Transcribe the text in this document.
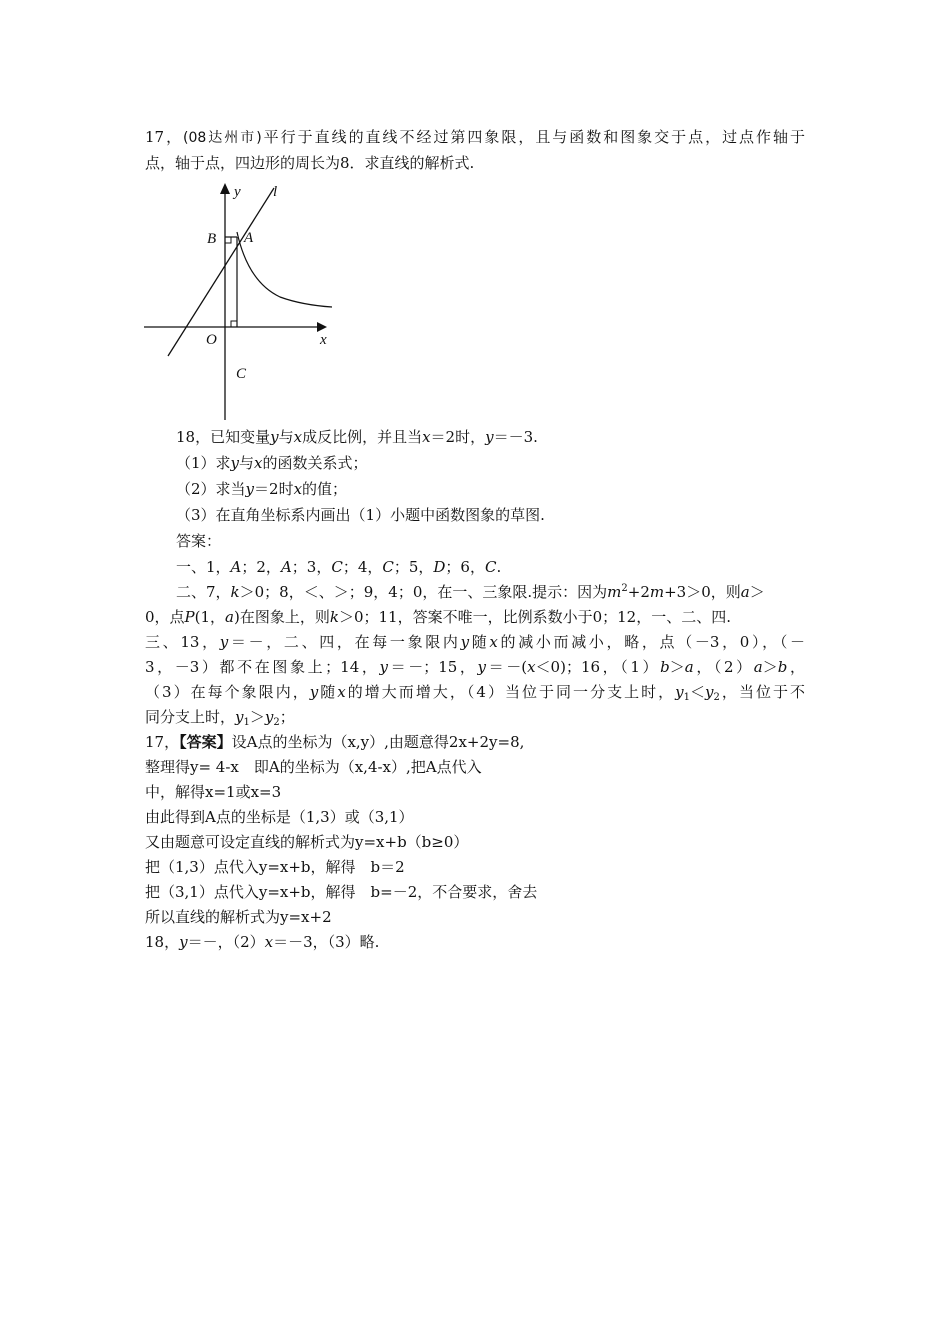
17，(08达州市)平行于直线的直线不经过第四象限，且与函数和图象交于点，过点作轴于
点，轴于点，四边形的周长为8．求直线的解析式.
y l
B A
O	x
C
18，已知变量y与x成反比例，并且当x＝2时，y＝－3.
（1）求y与x的函数关系式；
（2）求当y＝2时x的值；
（3）在直角坐标系内画出（1）小题中函数图象的草图.
答案：
一、1，A；2，A；3，C；4，C；5，D；6，C.
二、7，k＞0；8，＜、＞；9，4；0，在一、三象限.提示：因为$m^2+2m+3>0$，则a＞
0，点P(1，a)在图象上，则k＞0；11，答案不唯一，比例系数小于0；12，一、二、四.
三、13，y＝－，二、四，在每一象限内y随x的减小而减小，略，点（－3，0），（－
3，－3）都不在图象上；14，y＝－；15，y＝－(x＜0)；16，（1）b＞a，（2）a＞b，
（3）在每个象限内，y随x的增大而增大，（4）当位于同一分支上时，$y_1<y_2$，当位于不
同分支上时，$y_1>y_2$；
17，【答案】设A点的坐标为（x,y）,由题意得2x+2y=8,
整理得y= 4-x　即A的坐标为（x,4-x）,把A点代入
中，解得x=1或x=3
由此得到A点的坐标是（1,3）或（3,1）
又由题意可设定直线的解析式为y=x+b（b≥0）
把（1,3）点代入y=x+b，解得　b＝2
把（3,1）点代入y=x+b，解得　b=－2，不合要求，舍去
所以直线的解析式为y=x+2
18，y＝－，（2）x＝－3，（3）略.
